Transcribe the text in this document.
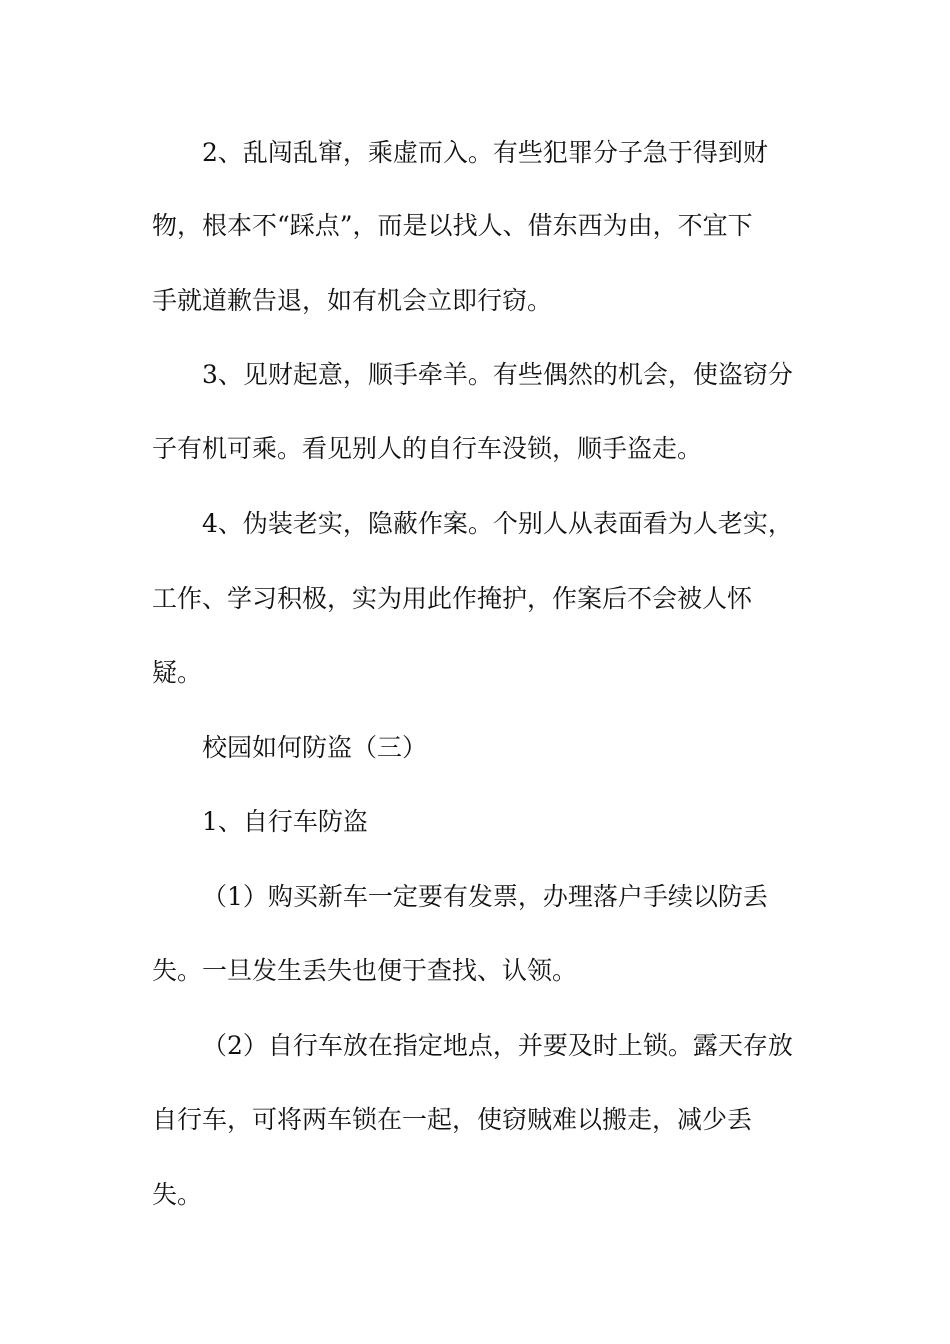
2、乱闯乱窜，乘虚而入。有些犯罪分子急于得到财
物，根本不“踩点”，而是以找人、借东西为由，不宜下
手就道歉告退，如有机会立即行窃。
3、见财起意，顺手牵羊。有些偶然的机会，使盗窃分
子有机可乘。看见别人的自行车没锁，顺手盗走。
4、伪装老实，隐蔽作案。个别人从表面看为人老实，
工作、学习积极，实为用此作掩护，作案后不会被人怀
疑。
校园如何防盗（三）
1、自行车防盗
（1）购买新车一定要有发票，办理落户手续以防丢
失。一旦发生丢失也便于查找、认领。
（2）自行车放在指定地点，并要及时上锁。露天存放
自行车，可将两车锁在一起，使窃贼难以搬走，减少丢
失。
